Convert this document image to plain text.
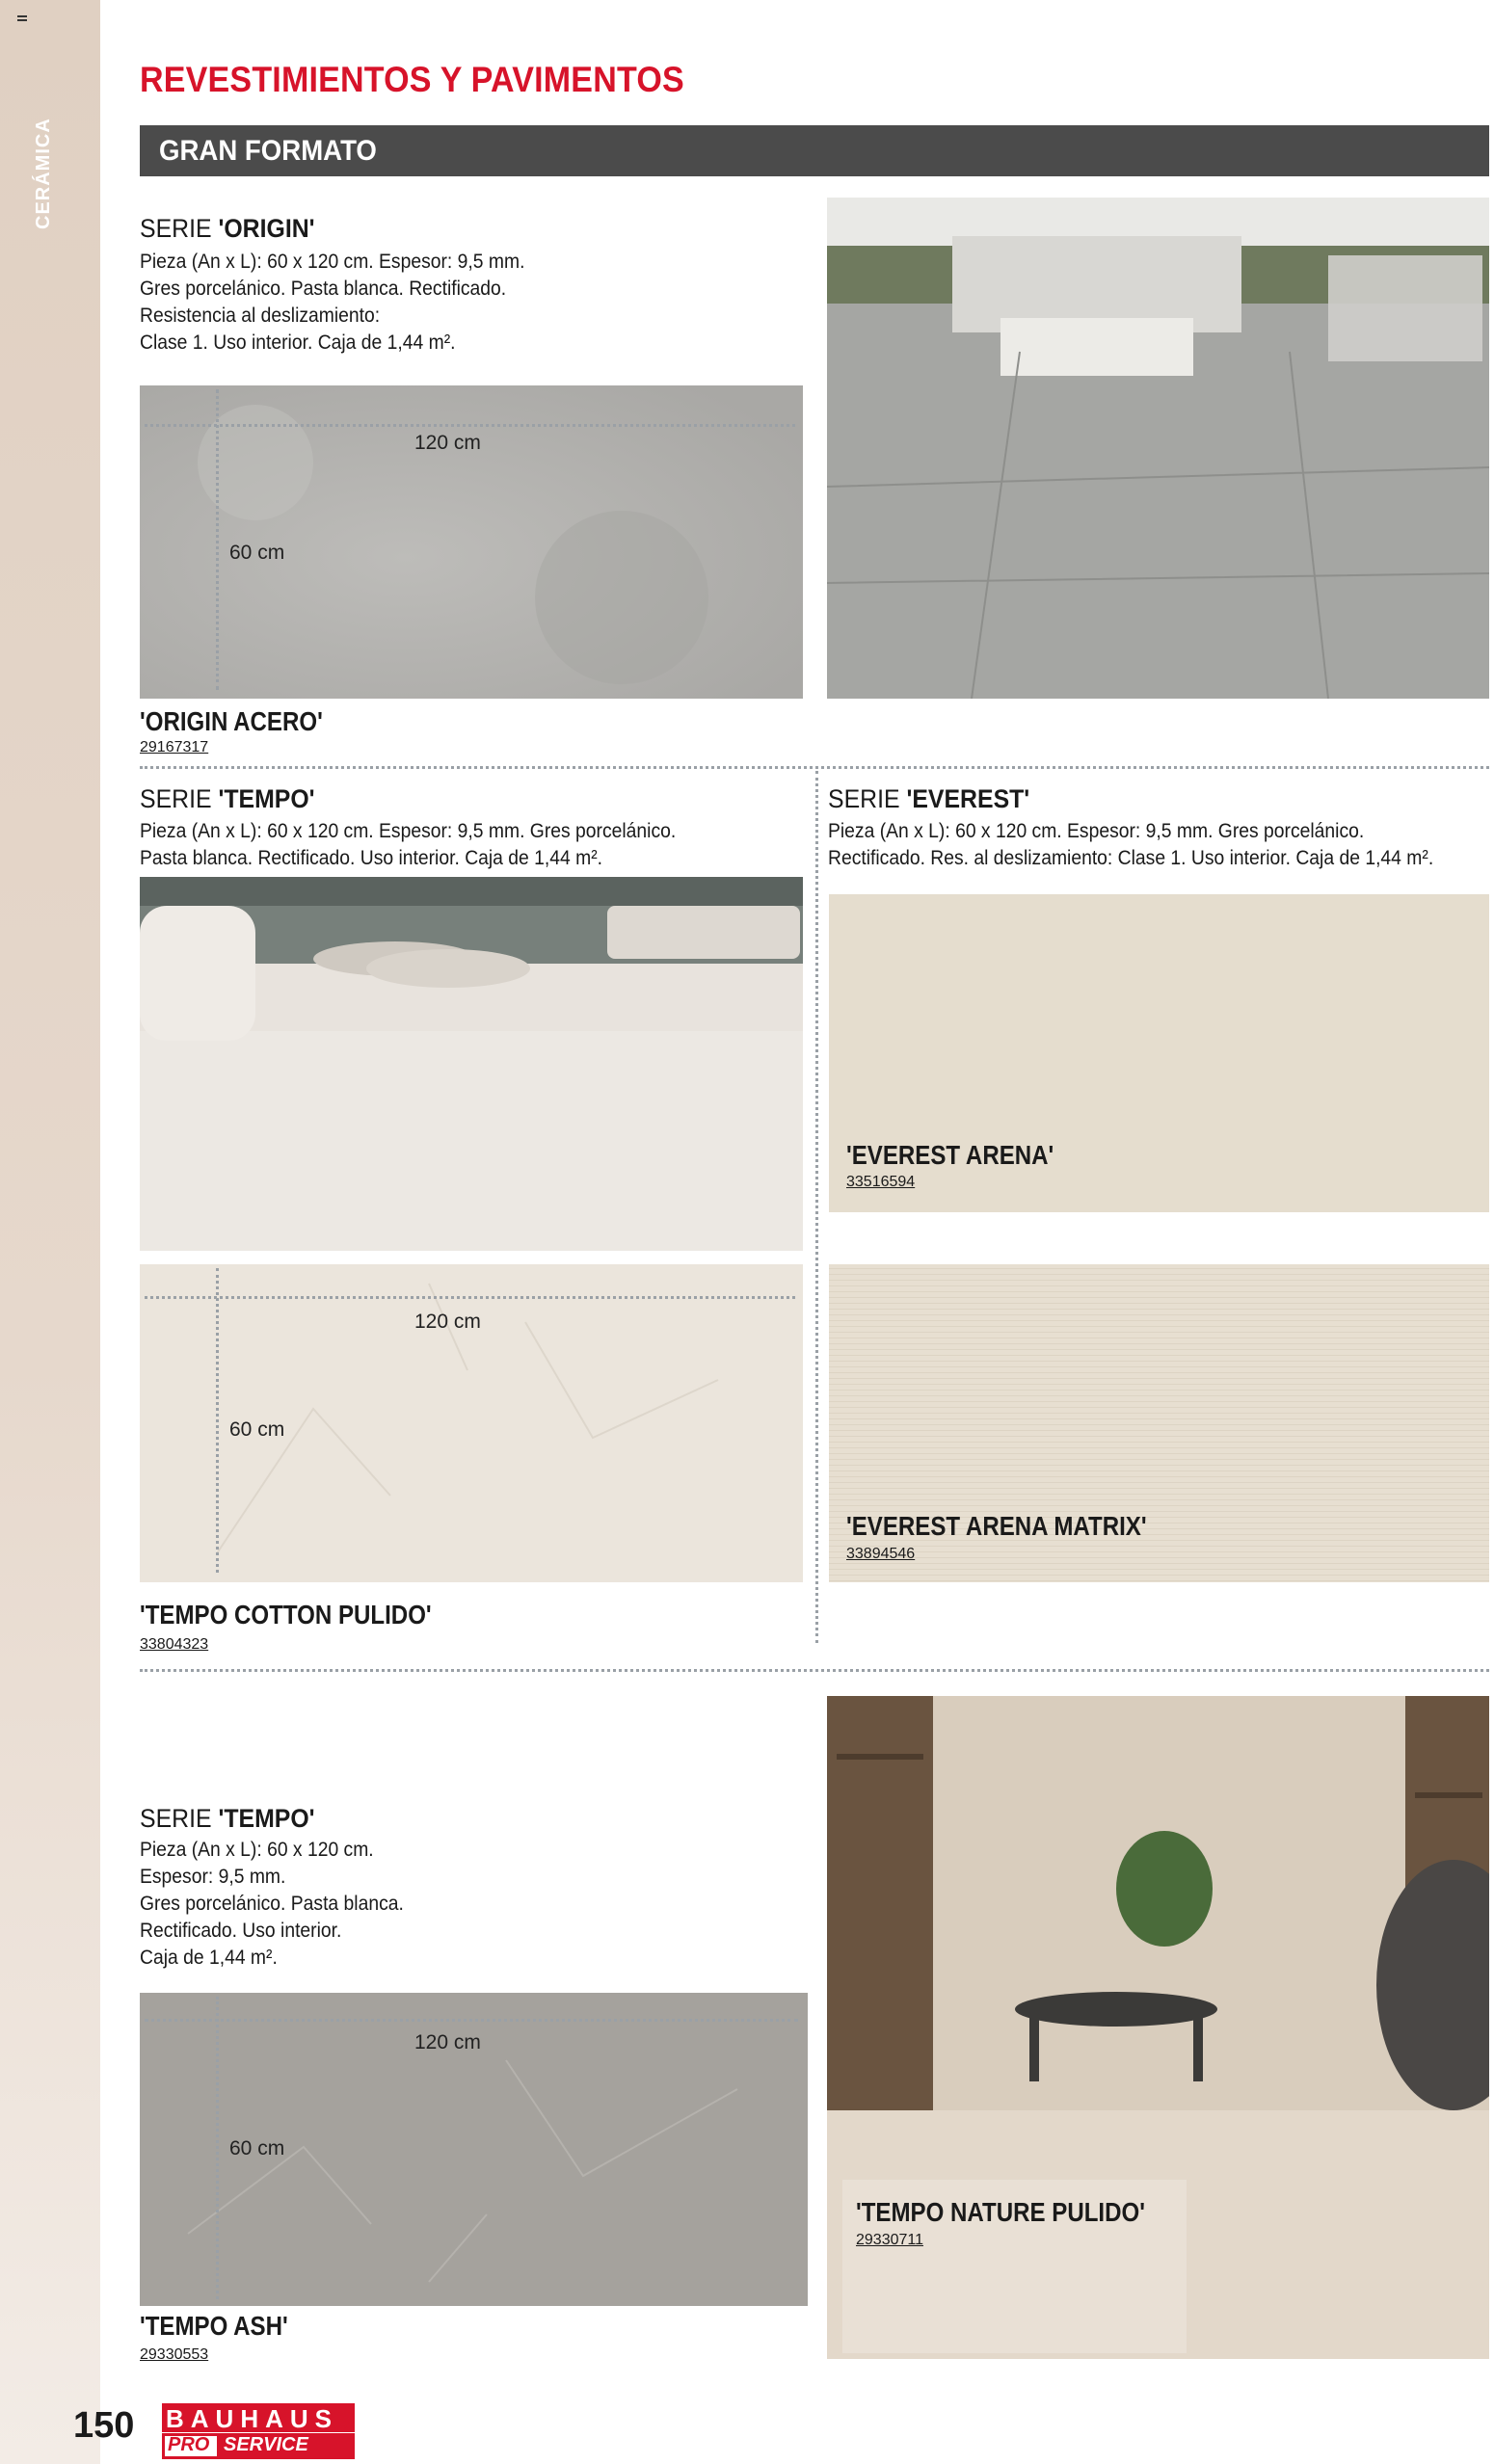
CERÁMICA
REVESTIMIENTOS Y PAVIMENTOS
GRAN FORMATO
SERIE 'ORIGIN'
Pieza (An x L): 60 x 120 cm. Espesor: 9,5 mm.
Gres porcelánico. Pasta blanca. Rectificado.
Resistencia al deslizamiento:
Clase 1. Uso interior. Caja de 1,44 m².
120 cm
60 cm
'ORIGIN ACERO'
29167317
SERIE 'TEMPO'
Pieza (An x L): 60 x 120 cm. Espesor: 9,5 mm. Gres porcelánico.
Pasta blanca. Rectificado. Uso interior. Caja de 1,44 m².
120 cm
60 cm
'TEMPO COTTON PULIDO'
33804323
SERIE 'EVEREST'
Pieza (An x L): 60 x 120 cm. Espesor: 9,5 mm. Gres porcelánico.
Rectificado. Res. al deslizamiento: Clase 1. Uso interior. Caja de 1,44 m².
'EVEREST ARENA'
33516594
'EVEREST ARENA MATRIX'
33894546
SERIE 'TEMPO'
Pieza (An x L): 60 x 120 cm.
Espesor: 9,5 mm.
Gres porcelánico. Pasta blanca.
Rectificado. Uso interior.
Caja de 1,44 m².
120 cm
60 cm
'TEMPO ASH'
29330553
'TEMPO NATURE PULIDO'
29330711
150 BAUHAUS
PRO SERVICE
